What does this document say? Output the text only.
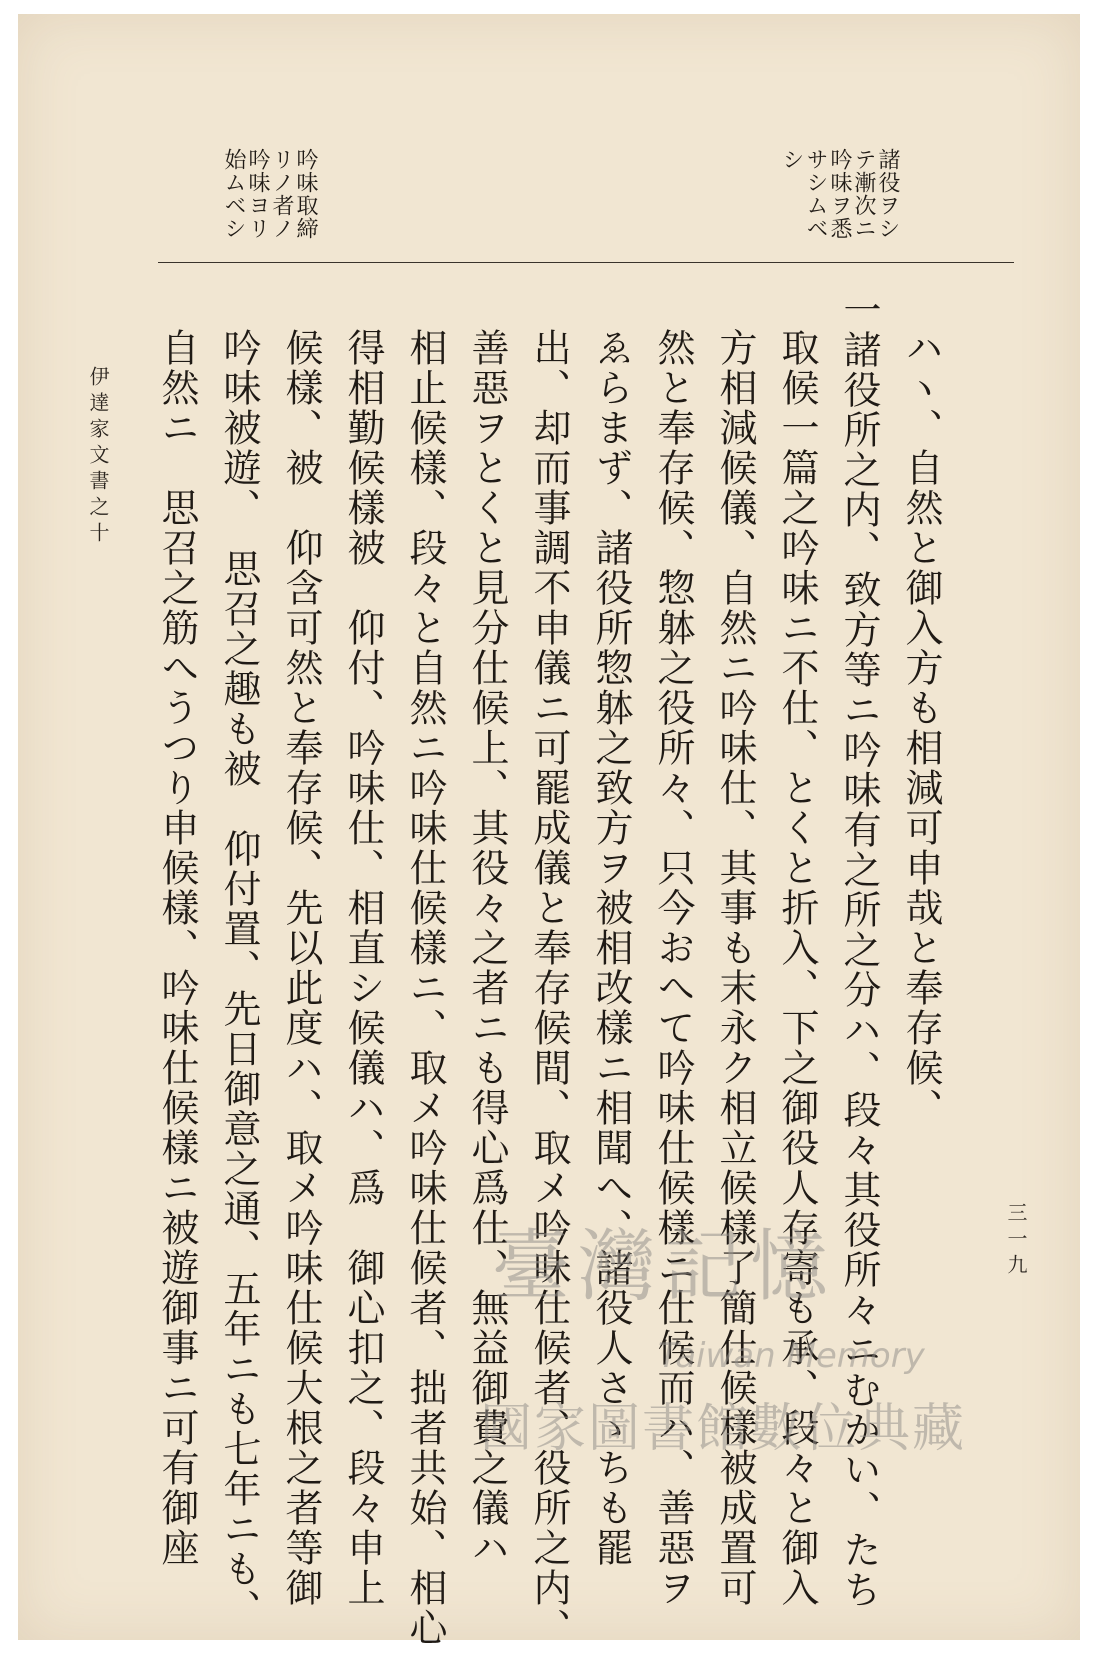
諸役ヲシ
テ漸次ニ
吟味ヲ悉
サシムベ
シ
吟味取締
リノ者ノ
吟味ヨリ
始ムベシ
ハヽ、自然と御入方も相減可申哉と奉存候、
一諸役所之内、致方等ニ吟味有之所之分ハ、段々其役所々ニむかい、たち
取候一篇之吟味ニ不仕、とくと折入、下之御役人存寄も承、段々と御入
方相減候儀、自然ニ吟味仕、其事も末永ク相立候樣了簡仕候樣被成置可
然と奉存候、惣躰之役所々、只今おへて吟味仕候樣ニ仕候而ハ、善惡ヲ
ゑらまず、諸役所惣躰之致方ヲ被相改樣ニ相聞へ、諸役人さゝちも罷
出、却而事調不申儀ニ可罷成儀と奉存候間、取メ吟味仕候者、役所之内、
善惡ヲとくと見分仕候上、其役々之者ニも得心爲仕、無益御費之儀ハ
相止候樣、段々と自然ニ吟味仕候樣ニ、取メ吟味仕候者、拙者共始、相心
得相勤候樣被　仰付、吟味仕、相直シ候儀ハ、爲　御心扣之、段々申上
候樣、被　仰含可然と奉存候、先以此度ハ、取メ吟味仕候大根之者等御
吟味被遊、　思召之趣も被　仰付置、先日御意之通、五年ニも七年ニも、
自然ニ　思召之筋へうつり申候樣、吟味仕候樣ニ被遊御事ニ可有御座
伊達家文書之十
三一九
臺灣記憶
Taiwan Memory
國家圖書館數位典藏
